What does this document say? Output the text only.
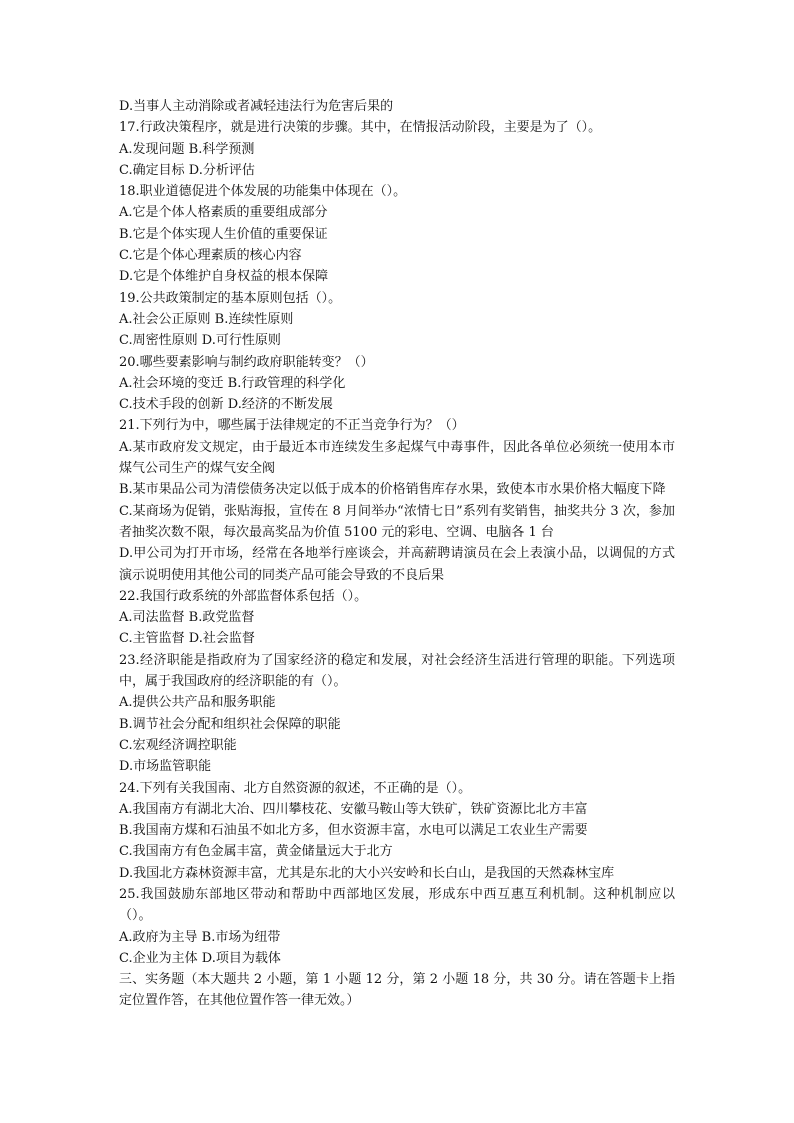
D.当事人主动消除或者减轻违法行为危害后果的
17.行政决策程序，就是进行决策的步骤。其中，在情报活动阶段，主要是为了（）。
A.发现问题 B.科学预测
C.确定目标 D.分析评估
18.职业道德促进个体发展的功能集中体现在（）。
A.它是个体人格素质的重要组成部分
B.它是个体实现人生价值的重要保证
C.它是个体心理素质的核心内容
D.它是个体维护自身权益的根本保障
19.公共政策制定的基本原则包括（）。
A.社会公正原则 B.连续性原则
C.周密性原则 D.可行性原则
20.哪些要素影响与制约政府职能转变？（）
A.社会环境的变迁 B.行政管理的科学化
C.技术手段的创新 D.经济的不断发展
21.下列行为中，哪些属于法律规定的不正当竞争行为？（）
A.某市政府发文规定，由于最近本市连续发生多起煤气中毒事件，因此各单位必须统一使用本市煤气公司生产的煤气安全阀
B.某市果品公司为清偿债务决定以低于成本的价格销售库存水果，致使本市水果价格大幅度下降
C.某商场为促销，张贴海报，宣传在 8 月间举办“浓情七日”系列有奖销售，抽奖共分 3 次，参加者抽奖次数不限，每次最高奖品为价值 5100 元的彩电、空调、电脑各 1 台
D.甲公司为打开市场，经常在各地举行座谈会，并高薪聘请演员在会上表演小品，以调侃的方式演示说明使用其他公司的同类产品可能会导致的不良后果
22.我国行政系统的外部监督体系包括（）。
A.司法监督 B.政党监督
C.主管监督 D.社会监督
23.经济职能是指政府为了国家经济的稳定和发展，对社会经济生活进行管理的职能。下列选项中，属于我国政府的经济职能的有（）。
A.提供公共产品和服务职能
B.调节社会分配和组织社会保障的职能
C.宏观经济调控职能
D.市场监管职能
24.下列有关我国南、北方自然资源的叙述，不正确的是（）。
A.我国南方有湖北大冶、四川攀枝花、安徽马鞍山等大铁矿，铁矿资源比北方丰富
B.我国南方煤和石油虽不如北方多，但水资源丰富，水电可以满足工农业生产需要
C.我国南方有色金属丰富，黄金储量远大于北方
D.我国北方森林资源丰富，尤其是东北的大小兴安岭和长白山，是我国的天然森林宝库
25.我国鼓励东部地区带动和帮助中西部地区发展，形成东中西互惠互利机制。这种机制应以（）。
A.政府为主导 B.市场为纽带
C.企业为主体 D.项目为载体
三、实务题（本大题共 2 小题，第 1 小题 12 分，第 2 小题 18 分，共 30 分。请在答题卡上指定位置作答，在其他位置作答一律无效。）
